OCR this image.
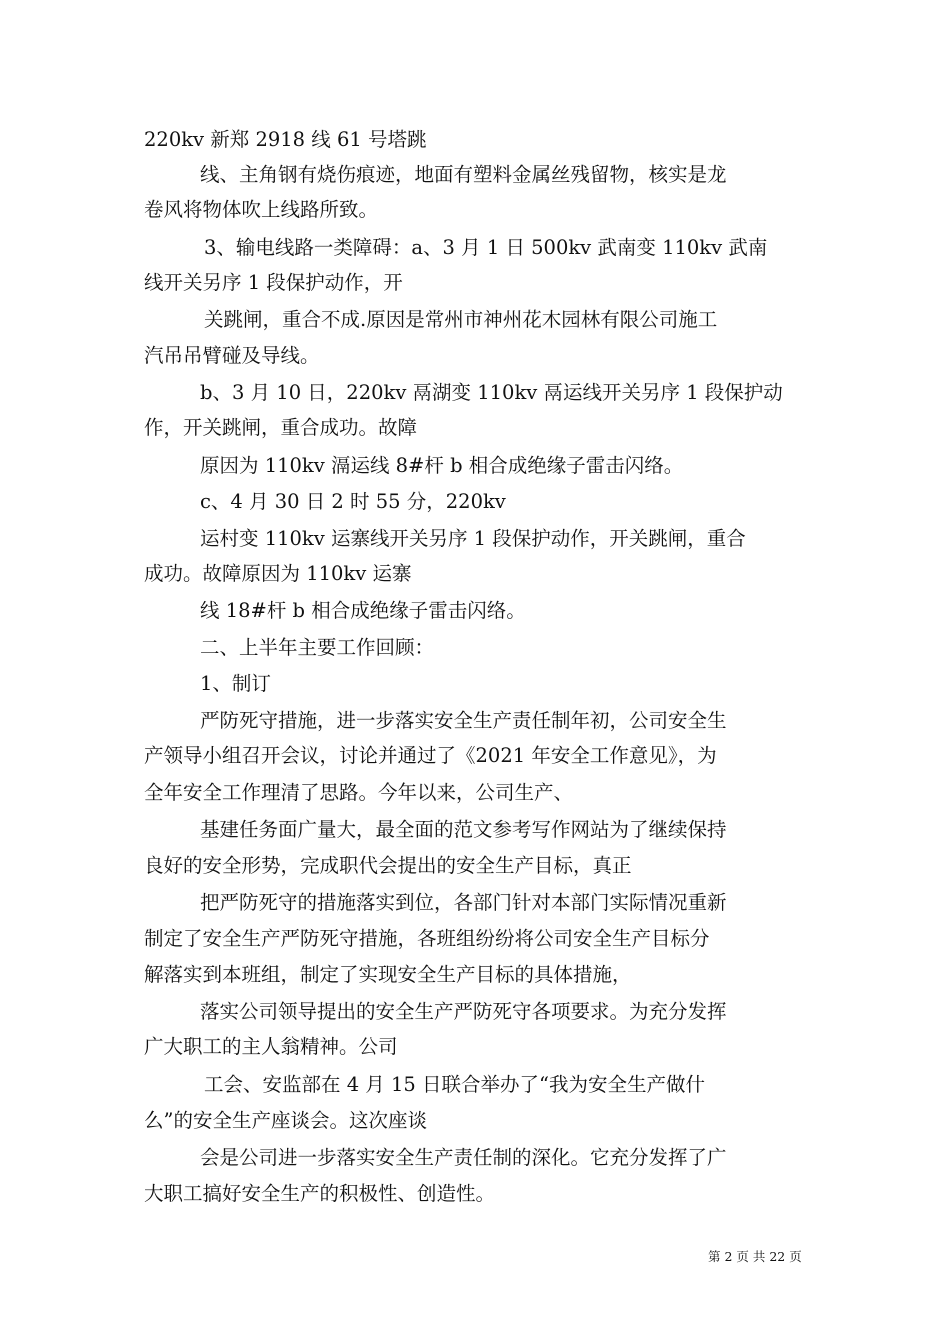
220kv 新郑 2918 线 61 号塔跳
线、主角钢有烧伤痕迹，地面有塑料金属丝残留物，核实是龙
卷风将物体吹上线路所致。
3、输电线路一类障碍：a、3 月 1 日 500kv 武南变 110kv 武南
线开关另序 1 段保护动作，开
关跳闸，重合不成.原因是常州市神州花木园林有限公司施工
汽吊吊臂碰及导线。
b、3 月 10 日，220kv 鬲湖变 110kv 鬲运线开关另序 1 段保护动
作，开关跳闸，重合成功。故障
原因为 110kv 滆运线 8#杆 b 相合成绝缘子雷击闪络。
c、4 月 30 日 2 时 55 分，220kv
运村变 110kv 运寨线开关另序 1 段保护动作，开关跳闸，重合
成功。故障原因为 110kv 运寨
线 18#杆 b 相合成绝缘子雷击闪络。
二、上半年主要工作回顾：
1、制订
严防死守措施，进一步落实安全生产责任制年初，公司安全生
产领导小组召开会议，讨论并通过了《2021 年安全工作意见》，为
全年安全工作理清了思路。今年以来，公司生产、
基建任务面广量大，最全面的范文参考写作网站为了继续保持
良好的安全形势，完成职代会提出的安全生产目标，真正
把严防死守的措施落实到位，各部门针对本部门实际情况重新
制定了安全生产严防死守措施，各班组纷纷将公司安全生产目标分
解落实到本班组，制定了实现安全生产目标的具体措施，
落实公司领导提出的安全生产严防死守各项要求。为充分发挥
广大职工的主人翁精神。公司
工会、安监部在 4 月 15 日联合举办了“我为安全生产做什
么”的安全生产座谈会。这次座谈
会是公司进一步落实安全生产责任制的深化。它充分发挥了广
大职工搞好安全生产的积极性、创造性。
第 2 页 共 22 页
